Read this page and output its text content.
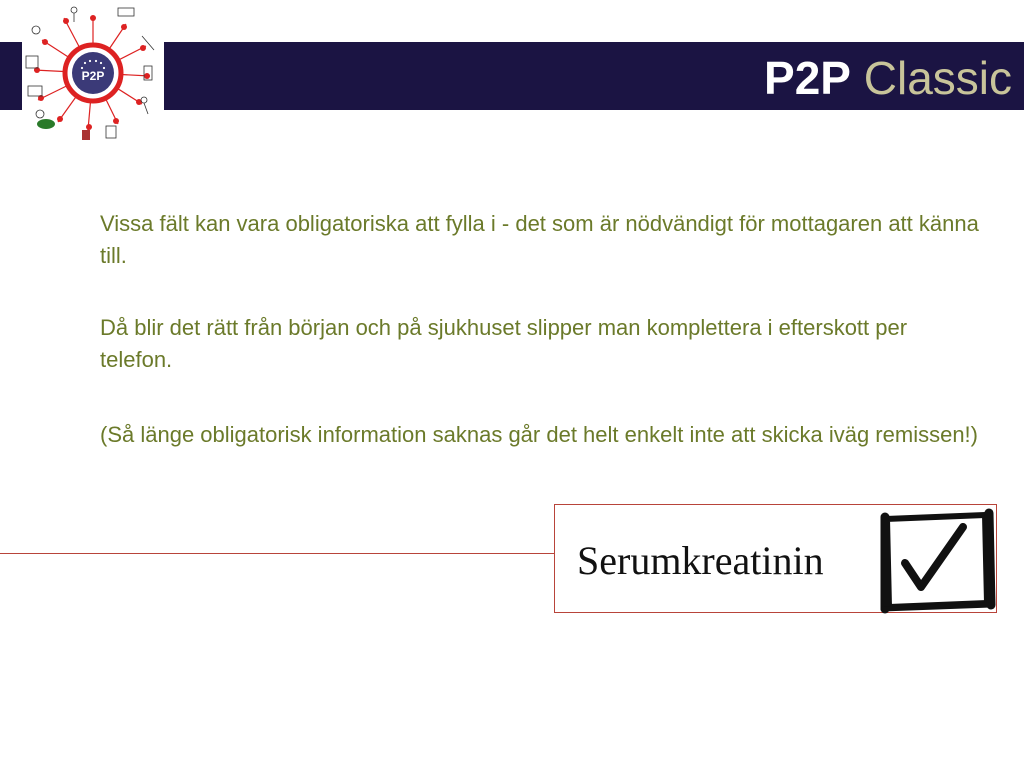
P2P Classic
P2P

Vissa fält kan vara obligatoriska att fylla i - det som är nödvändigt för mottagaren att känna till.

Då blir det rätt från början och på sjukhuset slipper man komplettera i efterskott per telefon.

(Så länge obligatorisk information saknas går det helt enkelt inte att skicka iväg remissen!)

Serumkreatinin
